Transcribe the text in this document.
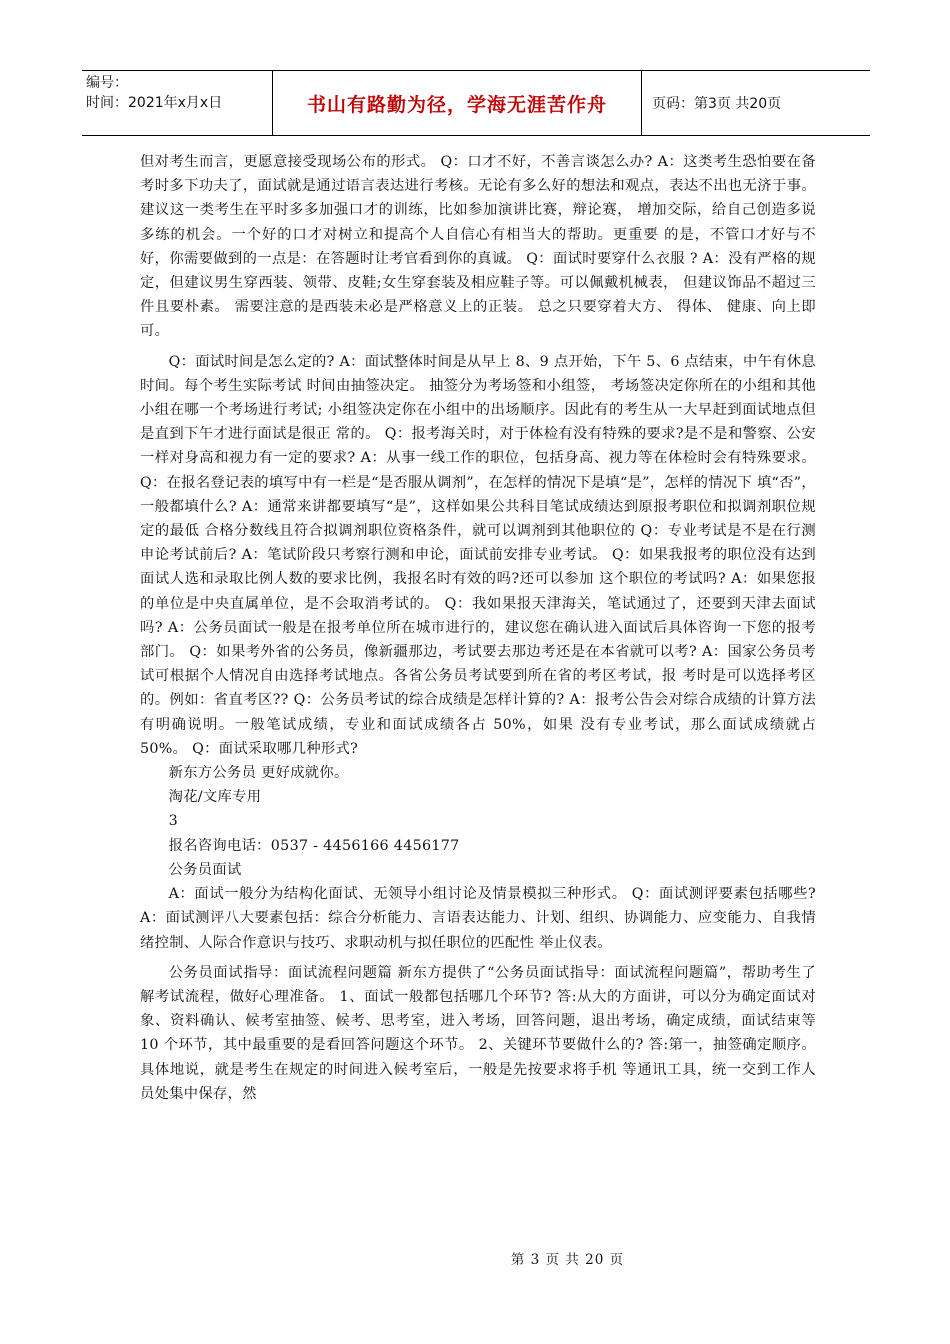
编号：
时间：2021年x月x日	书山有路勤为径，学海无涯苦作舟	页码：第3页 共20页

但对考生而言，更愿意接受现场公布的形式。 Q：口才不好，不善言谈怎么办? A：这类考生恐怕要在备考时多下功夫了，面试就是通过语言表达进行考核。无论有多么好的想法和观点，表达不出也无济于事。建议这一类考生在平时多多加强口才的训练，比如参加演讲比赛，辩论赛， 增加交际，给自己创造多说多练的机会。一个好的口才对树立和提高个人自信心有相当大的帮助。更重要 的是，不管口才好与不好，你需要做到的一点是：在答题时让考官看到你的真诚。 Q：面试时要穿什么衣服 ? A：没有严格的规定，但建议男生穿西装、领带、皮鞋;女生穿套装及相应鞋子等。可以佩戴机械表， 但建议饰品不超过三件且要朴素。 需要注意的是西装未必是严格意义上的正装。 总之只要穿着大方、 得体、 健康、向上即可。

Q：面试时间是怎么定的? A：面试整体时间是从早上 8、9 点开始，下午 5、6 点结束，中午有休息时间。每个考生实际考试 时间由抽签决定。 抽签分为考场签和小组签， 考场签决定你所在的小组和其他小组在哪一个考场进行考试; 小组签决定你在小组中的出场顺序。因此有的考生从一大早赶到面试地点但是直到下午才进行面试是很正 常的。 Q：报考海关时，对于体检有没有特殊的要求?是不是和警察、公安一样对身高和视力有一定的要求? A：从事一线工作的职位，包括身高、视力等在体检时会有特殊要求。 Q：在报名登记表的填写中有一栏是“是否服从调剂”，在怎样的情况下是填“是”，怎样的情况下 填“否”，一般都填什么? A：通常来讲都要填写“是”，这样如果公共科目笔试成绩达到原报考职位和拟调剂职位规定的最低 合格分数线且符合拟调剂职位资格条件，就可以调剂到其他职位的 Q：专业考试是不是在行测申论考试前后? A：笔试阶段只考察行测和申论，面试前安排专业考试。 Q：如果我报考的职位没有达到面试人选和录取比例人数的要求比例，我报名时有效的吗?还可以参加 这个职位的考试吗? A：如果您报的单位是中央直属单位，是不会取消考试的。 Q：我如果报天津海关，笔试通过了，还要到天津去面试吗? A：公务员面试一般是在报考单位所在城市进行的，建议您在确认进入面试后具体咨询一下您的报考 部门。 Q：如果考外省的公务员，像新疆那边，考试要去那边考还是在本省就可以考? A：国家公务员考试可根据个人情况自由选择考试地点。各省公务员考试要到所在省的考区考试，报 考时是可以选择考区的。例如：省直考区?? Q：公务员考试的综合成绩是怎样计算的? A：报考公告会对综合成绩的计算方法有明确说明。一般笔试成绩，专业和面试成绩各占 50%，如果 没有专业考试，那么面试成绩就占 50%。 Q：面试采取哪几种形式?

新东方公务员 更好成就你。

淘花/文库专用

3

报名咨询电话：0537 - 4456166 4456177

公务员面试

A：面试一般分为结构化面试、无领导小组讨论及情景模拟三种形式。 Q：面试测评要素包括哪些? A：面试测评八大要素包括：综合分析能力、言语表达能力、计划、组织、协调能力、应变能力、自我情 绪控制、人际合作意识与技巧、求职动机与拟任职位的匹配性 举止仪表。

公务员面试指导：面试流程问题篇 新东方提供了“公务员面试指导：面试流程问题篇”，帮助考生了解考试流程，做好心理准备。 1、面试一般都包括哪几个环节? 答:从大的方面讲，可以分为确定面试对象、资料确认、候考室抽签、候考、思考室，进入考场，回答问题，退出考场，确定成绩，面试结束等 10 个环节，其中最重要的是看回答问题这个环节。 2、关键环节要做什么的? 答:第一，抽签确定顺序。具体地说，就是考生在规定的时间进入候考室后，一般是先按要求将手机 等通讯工具，统一交到工作人员处集中保存，然

第 3 页 共 20 页
